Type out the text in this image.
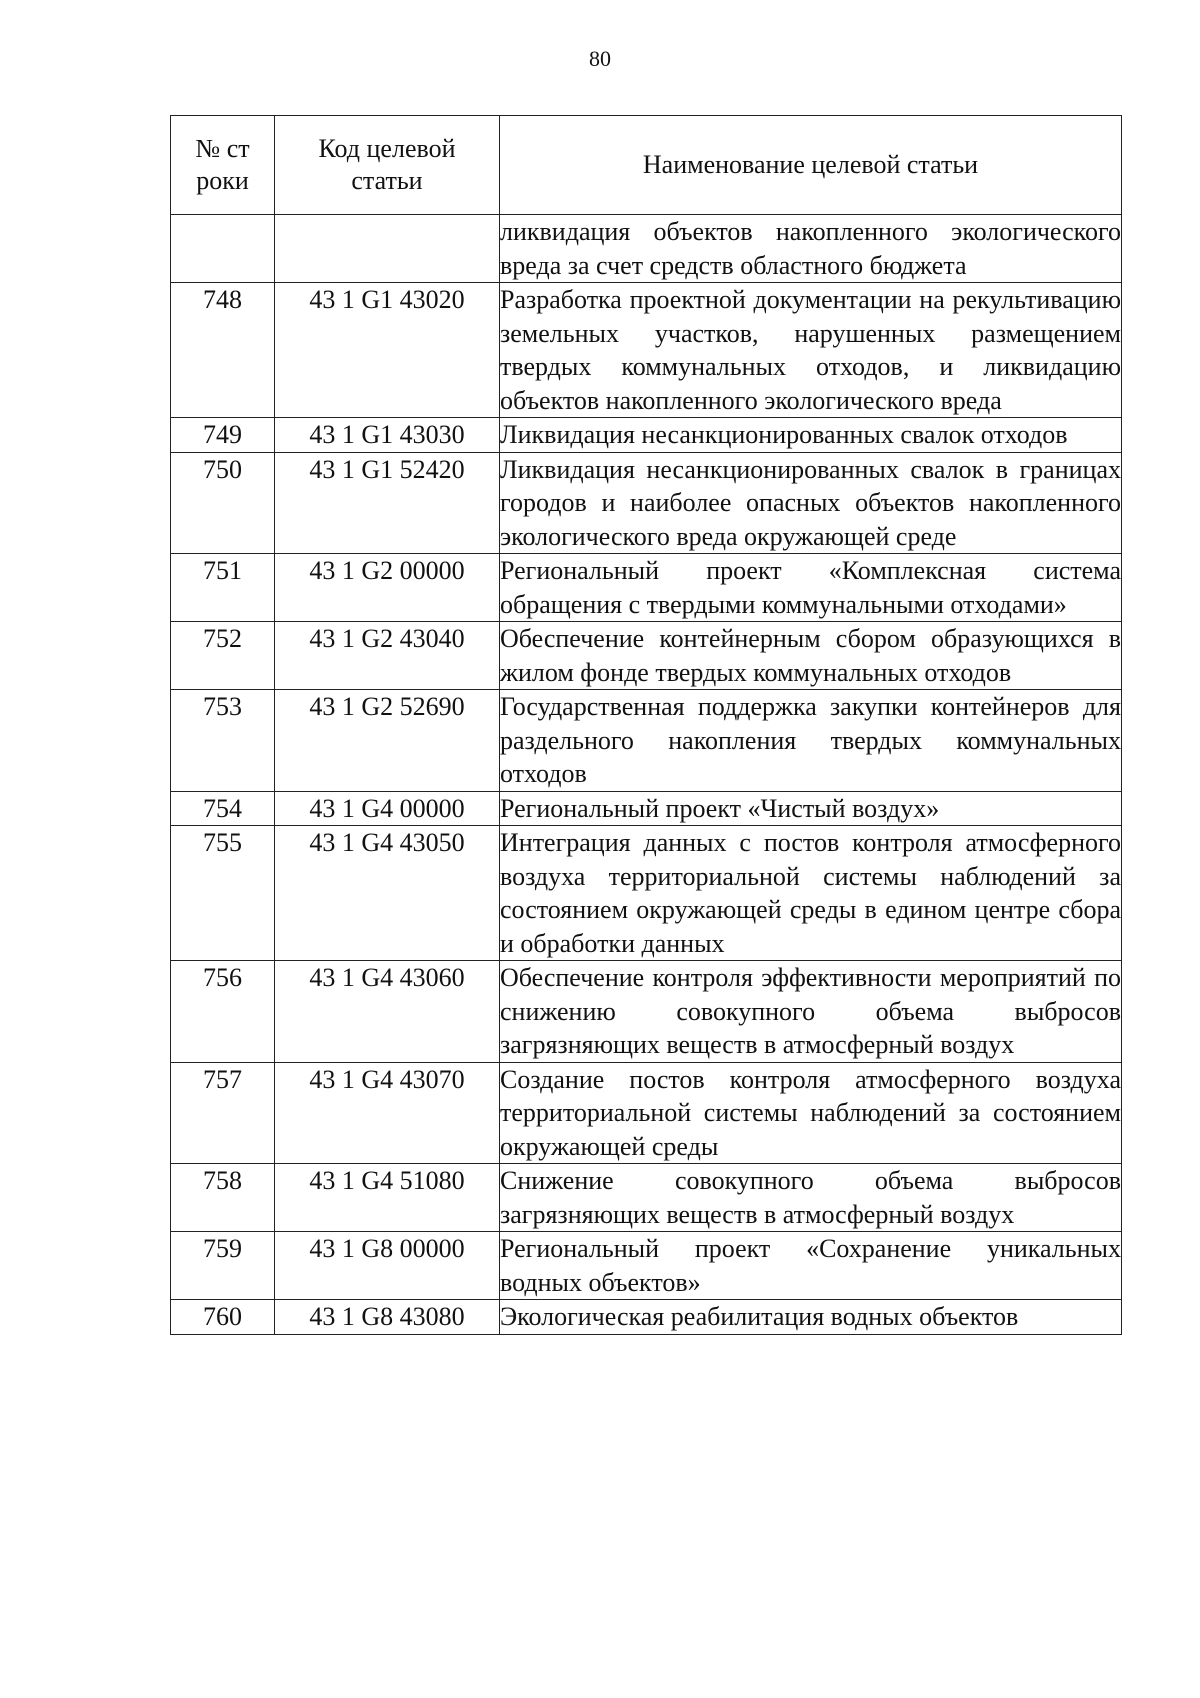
80
№ строки	Код целевой статьи	Наименование целевой статьи
		ликвидация объектов накопленного экологического вреда за счет средств областного бюджета
748	43 1 G1 43020	Разработка проектной документации на рекультивацию земельных участков, нарушенных размещением твердых коммунальных отходов, и ликвидацию объектов накопленного экологического вреда
749	43 1 G1 43030	Ликвидация несанкционированных свалок отходов
750	43 1 G1 52420	Ликвидация несанкционированных свалок в границах городов и наиболее опасных объектов накопленного экологического вреда окружающей среде
751	43 1 G2 00000	Региональный проект «Комплексная система обращения с твердыми коммунальными отходами»
752	43 1 G2 43040	Обеспечение контейнерным сбором образующихся в жилом фонде твердых коммунальных отходов
753	43 1 G2 52690	Государственная поддержка закупки контейнеров для раздельного накопления твердых коммунальных отходов
754	43 1 G4 00000	Региональный проект «Чистый воздух»
755	43 1 G4 43050	Интеграция данных с постов контроля атмосферного воздуха территориальной системы наблюдений за состоянием окружающей среды в едином центре сбора и обработки данных
756	43 1 G4 43060	Обеспечение контроля эффективности мероприятий по снижению совокупного объема выбросов загрязняющих веществ в атмосферный воздух
757	43 1 G4 43070	Создание постов контроля атмосферного воздуха территориальной системы наблюдений за состоянием окружающей среды
758	43 1 G4 51080	Снижение совокупного объема выбросов загрязняющих веществ в атмосферный воздух
759	43 1 G8 00000	Региональный проект «Сохранение уникальных водных объектов»
760	43 1 G8 43080	Экологическая реабилитация водных объектов
